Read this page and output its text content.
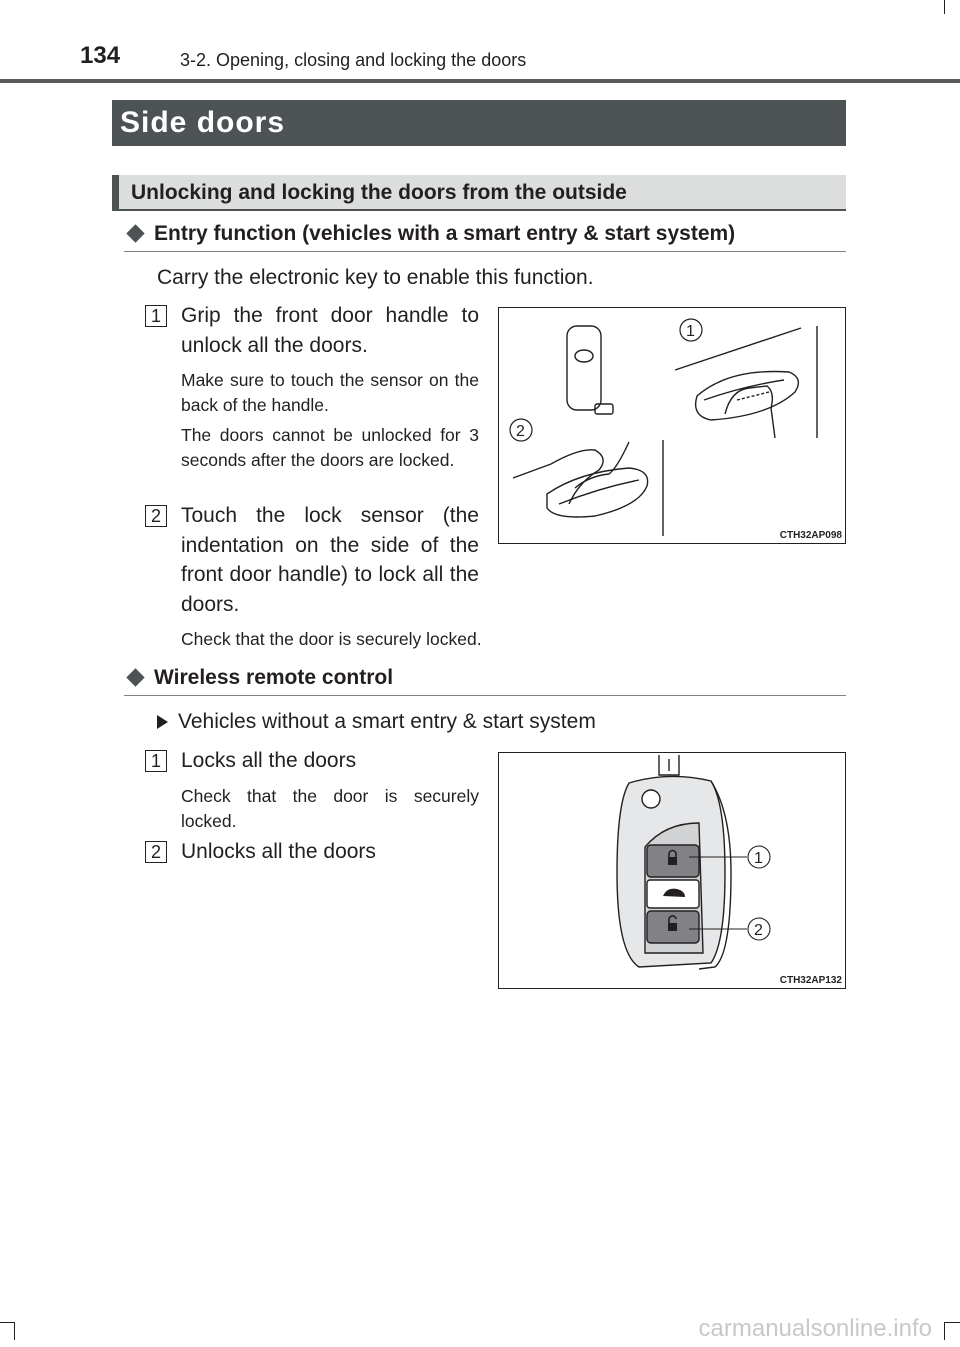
134	3-2. Opening, closing and locking the doors
Side doors
Unlocking and locking the doors from the outside
Entry function (vehicles with a smart entry & start system)
Carry the electronic key to enable this function.
1 Grip the front door handle to unlock all the doors.
Make sure to touch the sensor on the back of the handle.
The doors cannot be unlocked for 3 seconds after the doors are locked.
2 Touch the lock sensor (the indentation on the side of the front door handle) to lock all the doors.
Check that the door is securely locked.
1
2
CTH32AP098
Wireless remote control
Vehicles without a smart entry & start system
1 Locks all the doors
Check that the door is securely locked.
2 Unlocks all the doors	1
2
CTH32AP132
carmanualsonline.info
